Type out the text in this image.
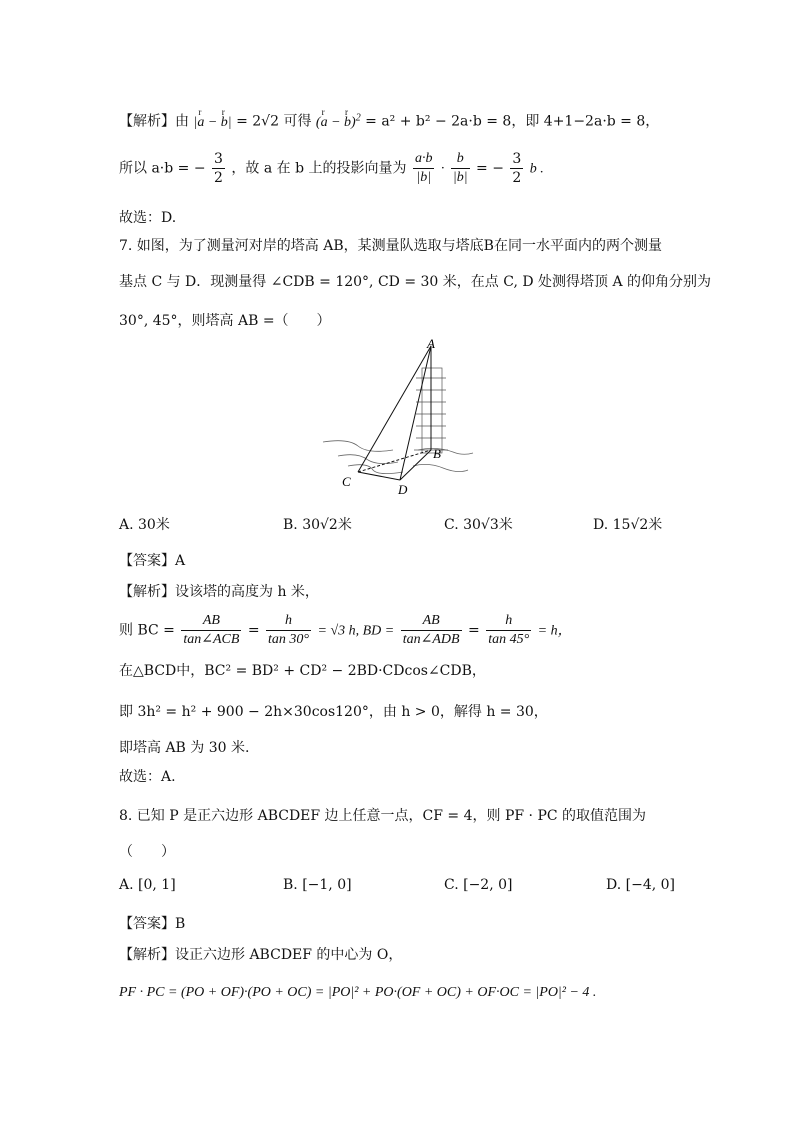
【解析】由 |r a − r b| = 2√2 可得 (r a − r b)$^2$ = a² + b² − 2a·b = 8，即 4+1−2a·b = 8，
所以 a·b = − $\frac{3}{2}$ ，故 a 在 b 上的投影向量为 $\frac{a\cdot b}{|b|} \cdot \frac{b}{|b|}$ = − $\frac{3}{2}$ b .
故选：D.
7. 如图，为了测量河对岸的塔高 AB，某测量队选取与塔底B在同一水平面内的两个测量
基点 C 与 D．现测量得 ∠CDB = 120°, CD = 30 米，在点 C, D 处测得塔顶 A 的仰角分别为
30°, 45°，则塔高 AB =（　　）
A
B
C
D
A. 30米	B. 30√2米	C. 30√3米	D. 15√2米
【答案】A
【解析】设该塔的高度为 h 米，
则 BC = $\frac{AB}{\text{tan∠ACB}} = \frac{h}{\tan 30^\circ} = √3$ h, BD = $\frac{AB}{\text{tan∠ADB}} = \frac{h}{\tan 45^\circ} = h$，
在△BCD中，BC² = BD² + CD² − 2BD·CDcos∠CDB，
即 3h² = h² + 900 − 2h×30cos120°，由 h > 0，解得 h = 30，
即塔高 AB 为 30 米.
故选：A.
8. 已知 P 是正六边形 ABCDEF 边上任意一点，CF = 4，则 PF · PC 的取值范围为
（　　）
A. [0, 1]	B. [−1, 0]	C. [−2, 0]	D. [−4, 0]
【答案】B
【解析】设正六边形 ABCDEF 的中心为 O，
PF · PC = (PO + OF)·(PO + OC) = |PO|² + PO·(OF + OC) + OF·OC = |PO|² − 4 .
